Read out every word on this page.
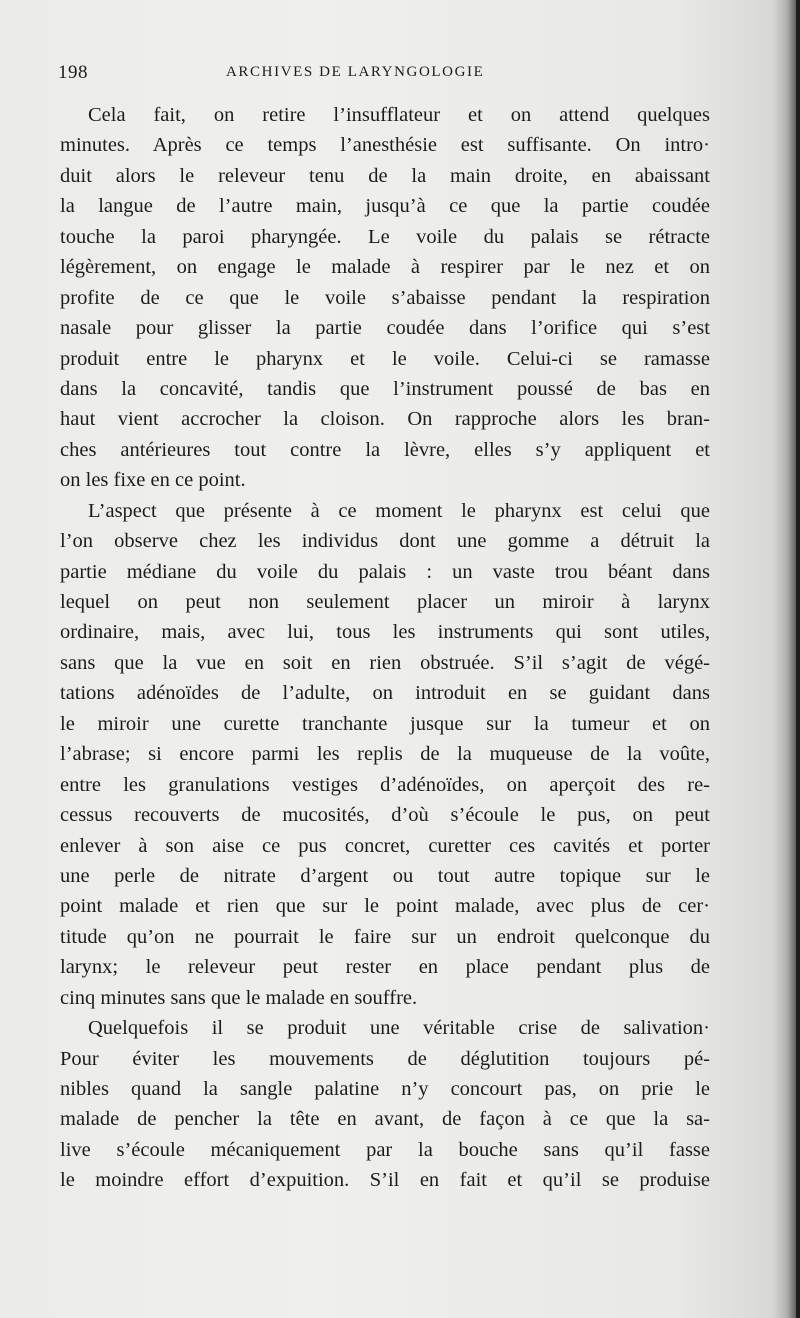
198	ARCHIVES DE LARYNGOLOGIE
Cela fait, on retire l’insufflateur et on attend quelques
minutes. Après ce temps l’anesthésie est suffisante. On intro·
duit alors le releveur tenu de la main droite, en abaissant
la langue de l’autre main, jusqu’à ce que la partie coudée
touche la paroi pharyngée. Le voile du palais se rétracte
légèrement, on engage le malade à respirer par le nez et on
profite de ce que le voile s’abaisse pendant la respiration
nasale pour glisser la partie coudée dans l’orifice qui s’est
produit entre le pharynx et le voile. Celui-ci se ramasse
dans la concavité, tandis que l’instrument poussé de bas en
haut vient accrocher la cloison. On rapproche alors les bran-
ches antérieures tout contre la lèvre, elles s’y appliquent et
on les fixe en ce point.
L’aspect que présente à ce moment le pharynx est celui que
l’on observe chez les individus dont une gomme a détruit la
partie médiane du voile du palais : un vaste trou béant dans
lequel on peut non seulement placer un miroir à larynx
ordinaire, mais, avec lui, tous les instruments qui sont utiles,
sans que la vue en soit en rien obstruée. S’il s’agit de végé-
tations adénoïdes de l’adulte, on introduit en se guidant dans
le miroir une curette tranchante jusque sur la tumeur et on
l’abrase; si encore parmi les replis de la muqueuse de la voûte,
entre les granulations vestiges d’adénoïdes, on aperçoit des re-
cessus recouverts de mucosités, d’où s’écoule le pus, on peut
enlever à son aise ce pus concret, curetter ces cavités et porter
une perle de nitrate d’argent ou tout autre topique sur le
point malade et rien que sur le point malade, avec plus de cer·
titude qu’on ne pourrait le faire sur un endroit quelconque du
larynx; le releveur peut rester en place pendant plus de
cinq minutes sans que le malade en souffre.
Quelquefois il se produit une véritable crise de salivation·
Pour éviter les mouvements de déglutition toujours pé-
nibles quand la sangle palatine n’y concourt pas, on prie le
malade de pencher la tête en avant, de façon à ce que la sa-
live s’écoule mécaniquement par la bouche sans qu’il fasse
le moindre effort d’expuition. S’il en fait et qu’il se produise
